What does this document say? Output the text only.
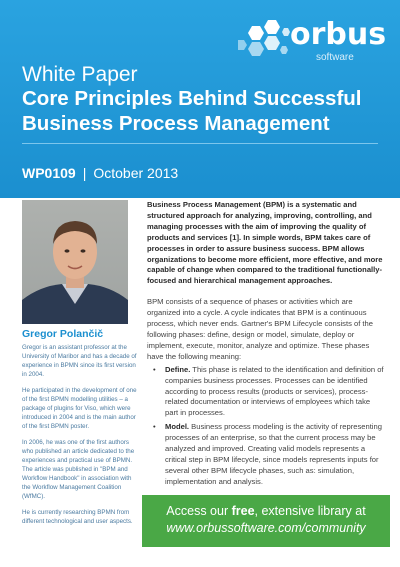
orbus
software
White Paper
Core Principles Behind Successful
Business Process Management
WP0109 | October 2013
Gregor Polančič

Gregor is an assistant professor at the University of Maribor and has a decade of experience in BPMN since its first version in 2004.

He participated in the development of one of the first BPMN modelling utilities – a package of plugins for Viso, which were introduced in 2004 and is the main author of the first BPMN poster.

In 2006, he was one of the first authors who published an article dedicated to the experiences and practical use of BPMN. The article was published in "BPM and Workflow Handbook" in association with the Workflow Management Coalition (WfMC).

He is currently researching BPMN from different technological and user aspects.

Business Process Management (BPM) is a systematic and structured approach for analyzing, improving, controlling, and managing processes with the aim of improving the quality of products and services [1]. In simple words, BPM takes care of processes in order to assure business success. BPM allows organizations to become more efficient, more effective, and more capable of change when compared to the traditional functionally-focused and hierarchical management approaches.
BPM consists of a sequence of phases or activities which are organized into a cycle. A cycle indicates that BPM is a continuous process, which never ends. Gartner's BPM Lifecycle consists of the following phases: define, design or model, simulate, deploy or implement, execute, monitor, analyze and optimize. These phases have the following meaning:
• Define. This phase is related to the identification and definition of companies business processes. Processes can be identified according to process results (products or services), process-related documentation or interviews of employees which take part in processes.
• Model. Business process modeling is the activity of representing processes of an enterprise, so that the current process may be analyzed and improved. Creating valid models represents a critical step in BPM lifecycle, since models represents inputs for several other BPM lifecycle phases, such as: simulation, implementation and analysis.
Access our free, extensive library at
www.orbussoftware.com/community
